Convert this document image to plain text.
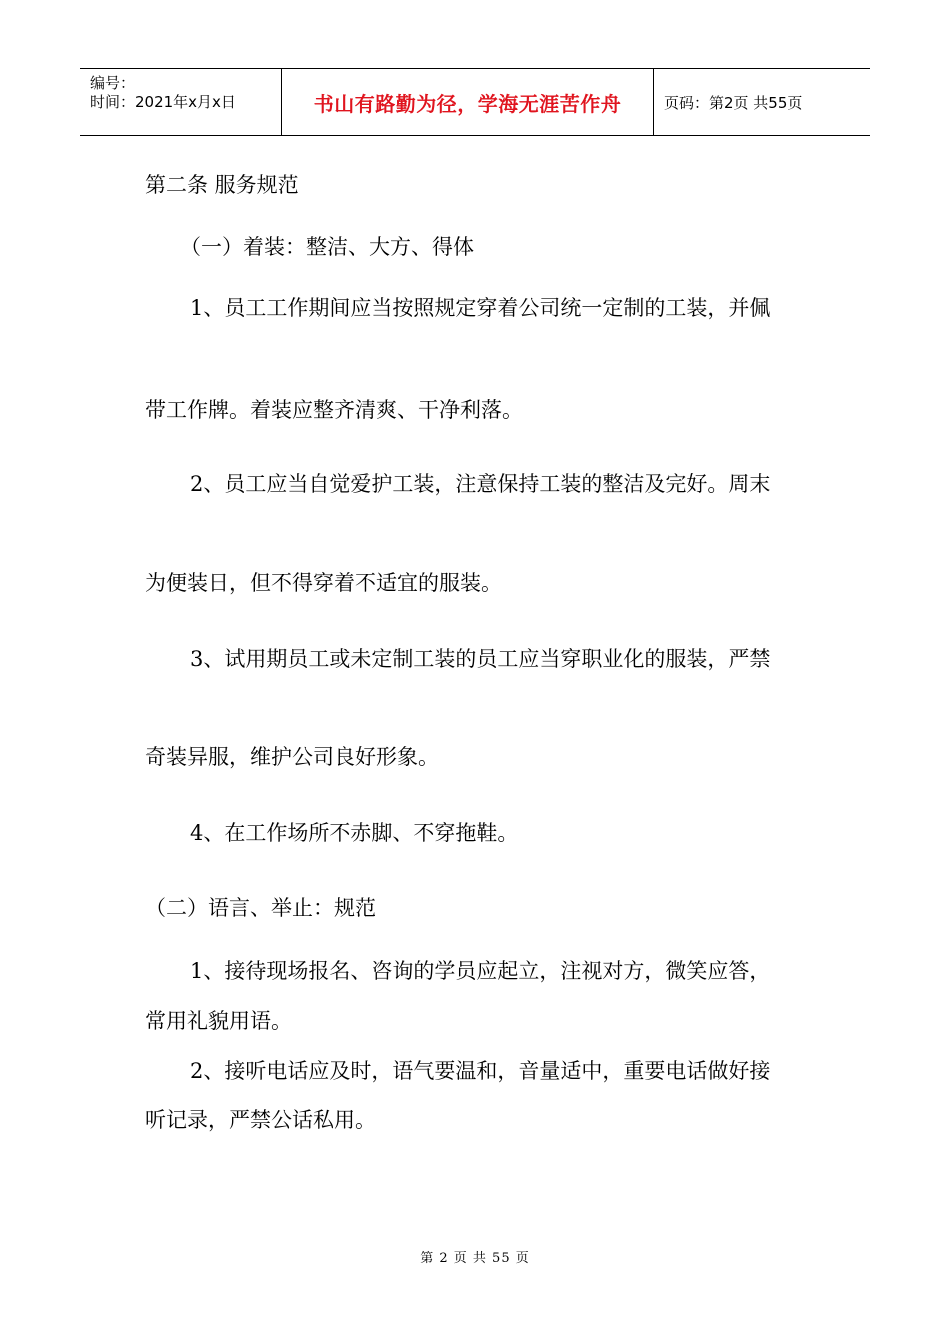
编号：
时间：2021年x月x日	书山有路勤为径，学海无涯苦作舟	页码：第2页 共55页
第二条 服务规范
（一）着装：整洁、大方、得体
1、员工工作期间应当按照规定穿着公司统一定制的工装，并佩
带工作牌。着装应整齐清爽、干净利落。
2、员工应当自觉爱护工装，注意保持工装的整洁及完好。周末
为便装日，但不得穿着不适宜的服装。
3、试用期员工或未定制工装的员工应当穿职业化的服装，严禁
奇装异服，维护公司良好形象。
4、在工作场所不赤脚、不穿拖鞋。
（二）语言、举止：规范
1、接待现场报名、咨询的学员应起立，注视对方，微笑应答，
常用礼貌用语。
2、接听电话应及时，语气要温和，音量适中，重要电话做好接
听记录，严禁公话私用。
第 2 页 共 55 页
